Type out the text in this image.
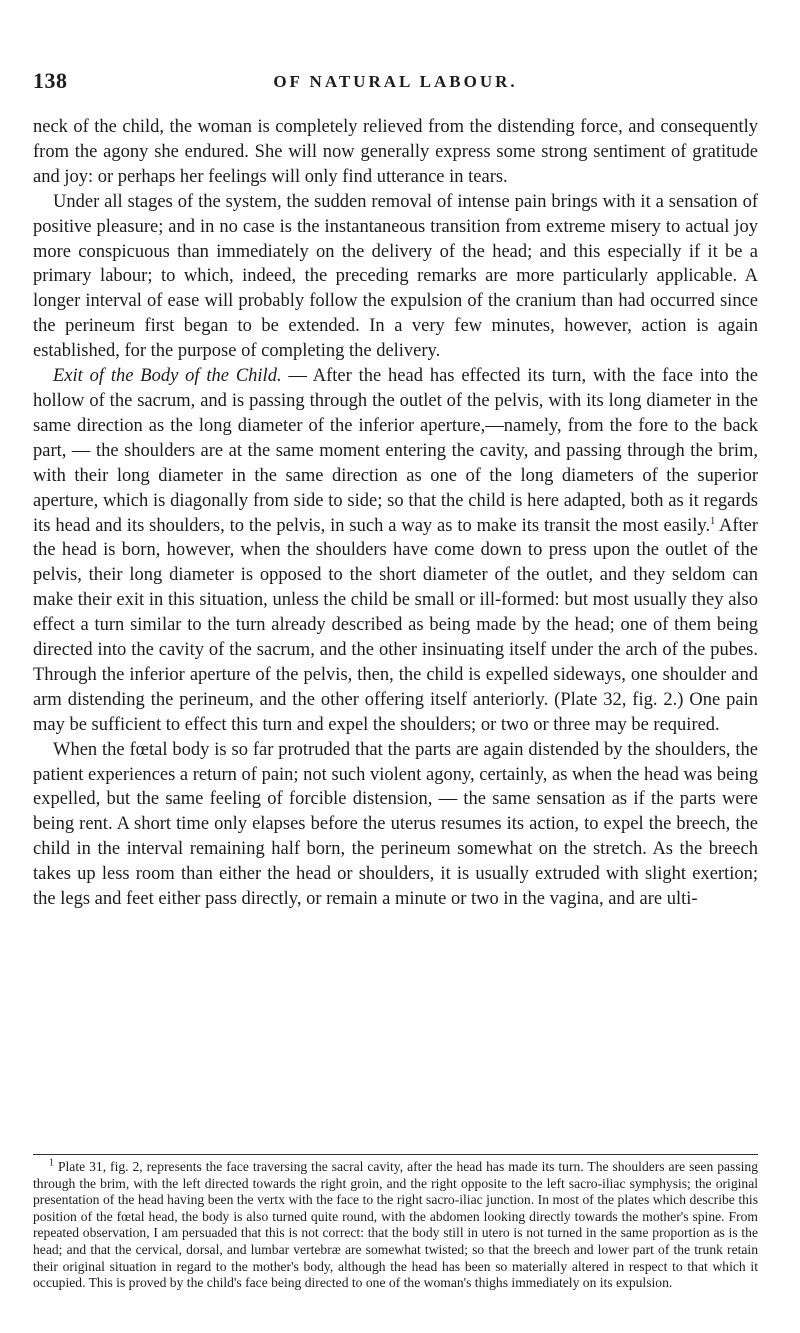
138	OF NATURAL LABOUR.

neck of the child, the woman is completely relieved from the distending force, and consequently from the agony she endured. She will now generally express some strong sentiment of gratitude and joy: or perhaps her feelings will only find utterance in tears.

Under all stages of the system, the sudden removal of intense pain brings with it a sensation of positive pleasure; and in no case is the instantaneous transition from extreme misery to actual joy more conspicuous than immediately on the delivery of the head; and this especially if it be a primary labour; to which, indeed, the preceding remarks are more particularly applicable. A longer interval of ease will probably follow the expulsion of the cranium than had occurred since the perineum first began to be extended. In a very few minutes, however, action is again established, for the purpose of completing the delivery.

Exit of the Body of the Child. — After the head has effected its turn, with the face into the hollow of the sacrum, and is passing through the outlet of the pelvis, with its long diameter in the same direction as the long diameter of the inferior aperture,—namely, from the fore to the back part, — the shoulders are at the same moment entering the cavity, and passing through the brim, with their long diameter in the same direction as one of the long diameters of the superior aperture, which is diagonally from side to side; so that the child is here adapted, both as it regards its head and its shoulders, to the pelvis, in such a way as to make its transit the most easily.$^1$ After the head is born, however, when the shoulders have come down to press upon the outlet of the pelvis, their long diameter is opposed to the short diameter of the outlet, and they seldom can make their exit in this situation, unless the child be small or ill-formed: but most usually they also effect a turn similar to the turn already described as being made by the head; one of them being directed into the cavity of the sacrum, and the other insinuating itself under the arch of the pubes. Through the inferior aperture of the pelvis, then, the child is expelled sideways, one shoulder and arm distending the perineum, and the other offering itself anteriorly. (Plate 32, fig. 2.) One pain may be sufficient to effect this turn and expel the shoulders; or two or three may be required.

When the fœtal body is so far protruded that the parts are again distended by the shoulders, the patient experiences a return of pain; not such violent agony, certainly, as when the head was being expelled, but the same feeling of forcible distension, — the same sensation as if the parts were being rent. A short time only elapses before the uterus resumes its action, to expel the breech, the child in the interval remaining half born, the perineum somewhat on the stretch. As the breech takes up less room than either the head or shoulders, it is usually extruded with slight exertion; the legs and feet either pass directly, or remain a minute or two in the vagina, and are ulti-

$^1$ Plate 31, fig. 2, represents the face traversing the sacral cavity, after the head has made its turn. The shoulders are seen passing through the brim, with the left directed towards the right groin, and the right opposite to the left sacro-iliac symphysis; the original presentation of the head having been the vertx with the face to the right sacro-iliac junction. In most of the plates which describe this position of the fœtal head, the body is also turned quite round, with the abdomen looking directly towards the mother's spine. From repeated observation, I am persuaded that this is not correct: that the body still in utero is not turned in the same proportion as is the head; and that the cervical, dorsal, and lumbar vertebræ are somewhat twisted; so that the breech and lower part of the trunk retain their original situation in regard to the mother's body, although the head has been so materially altered in respect to that which it occupied. This is proved by the child's face being directed to one of the woman's thighs immediately on its expulsion.
